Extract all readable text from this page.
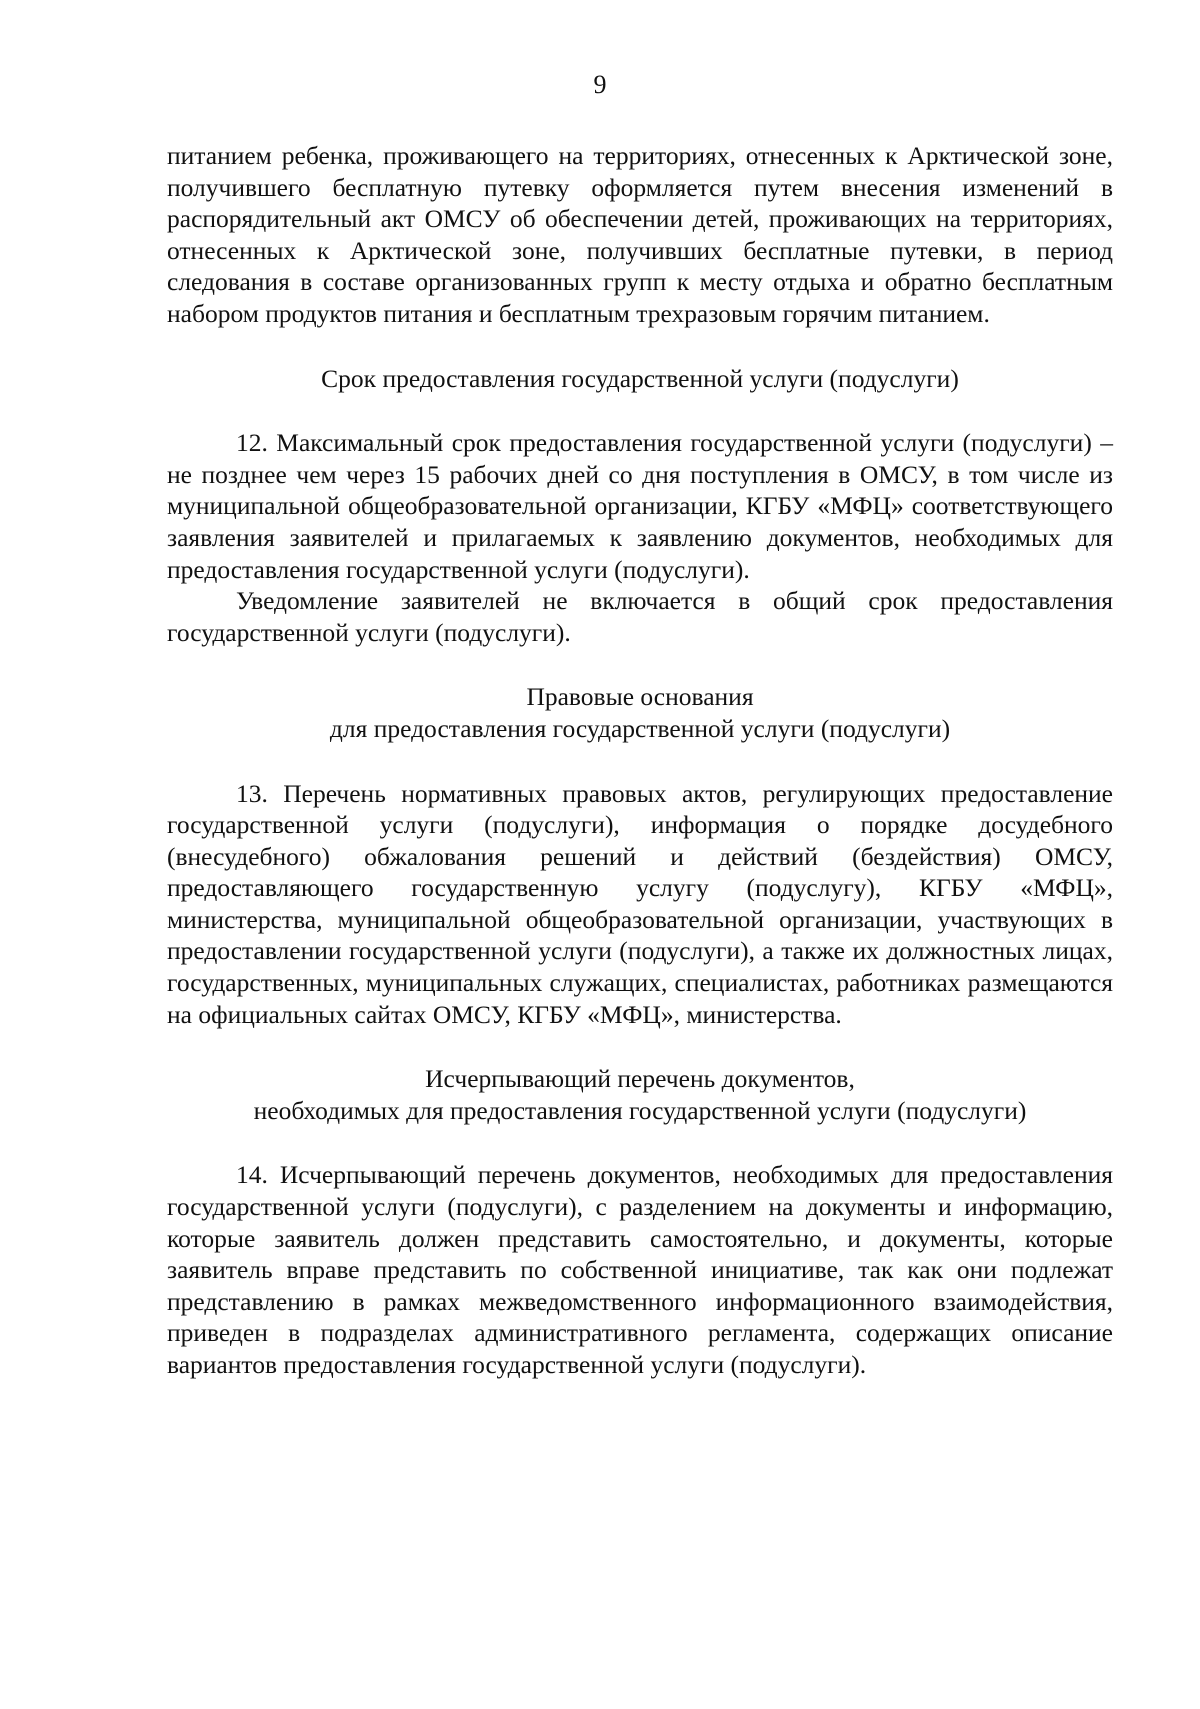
9

питанием ребенка, проживающего на территориях, отнесенных к Арктической зоне, получившего бесплатную путевку оформляется путем внесения изменений в распорядительный акт ОМСУ об обеспечении детей, проживающих на территориях, отнесенных к Арктической зоне, получивших бесплатные путевки, в период следования в составе организованных групп к месту отдыха и обратно бесплатным набором продуктов питания и бесплатным трехразовым горячим питанием.

Срок предоставления государственной услуги (подуслуги)

12. Максимальный срок предоставления государственной услуги (подуслуги) – не позднее чем через 15 рабочих дней со дня поступления в ОМСУ, в том числе из муниципальной общеобразовательной организации, КГБУ «МФЦ» соответствующего заявления заявителей и прилагаемых к заявлению документов, необходимых для предоставления государственной услуги (подуслуги).

Уведомление заявителей не включается в общий срок предоставления государственной услуги (подуслуги).

Правовые основания

для предоставления государственной услуги (подуслуги)

13. Перечень нормативных правовых актов, регулирующих предоставление государственной услуги (подуслуги), информация о порядке досудебного (внесудебного) обжалования решений и действий (бездействия) ОМСУ, предоставляющего государственную услугу (подуслугу), КГБУ «МФЦ», министерства, муниципальной общеобразовательной организации, участвующих в предоставлении государственной услуги (подуслуги), а также их должностных лицах, государственных, муниципальных служащих, специалистах, работниках размещаются на официальных сайтах ОМСУ, КГБУ «МФЦ», министерства.

Исчерпывающий перечень документов,

необходимых для предоставления государственной услуги (подуслуги)

14. Исчерпывающий перечень документов, необходимых для предоставления государственной услуги (подуслуги), с разделением на документы и информацию, которые заявитель должен представить самостоятельно, и документы, которые заявитель вправе представить по собственной инициативе, так как они подлежат представлению в рамках межведомственного информационного взаимодействия, приведен в подразделах административного регламента, содержащих описание вариантов предоставления государственной услуги (подуслуги).
